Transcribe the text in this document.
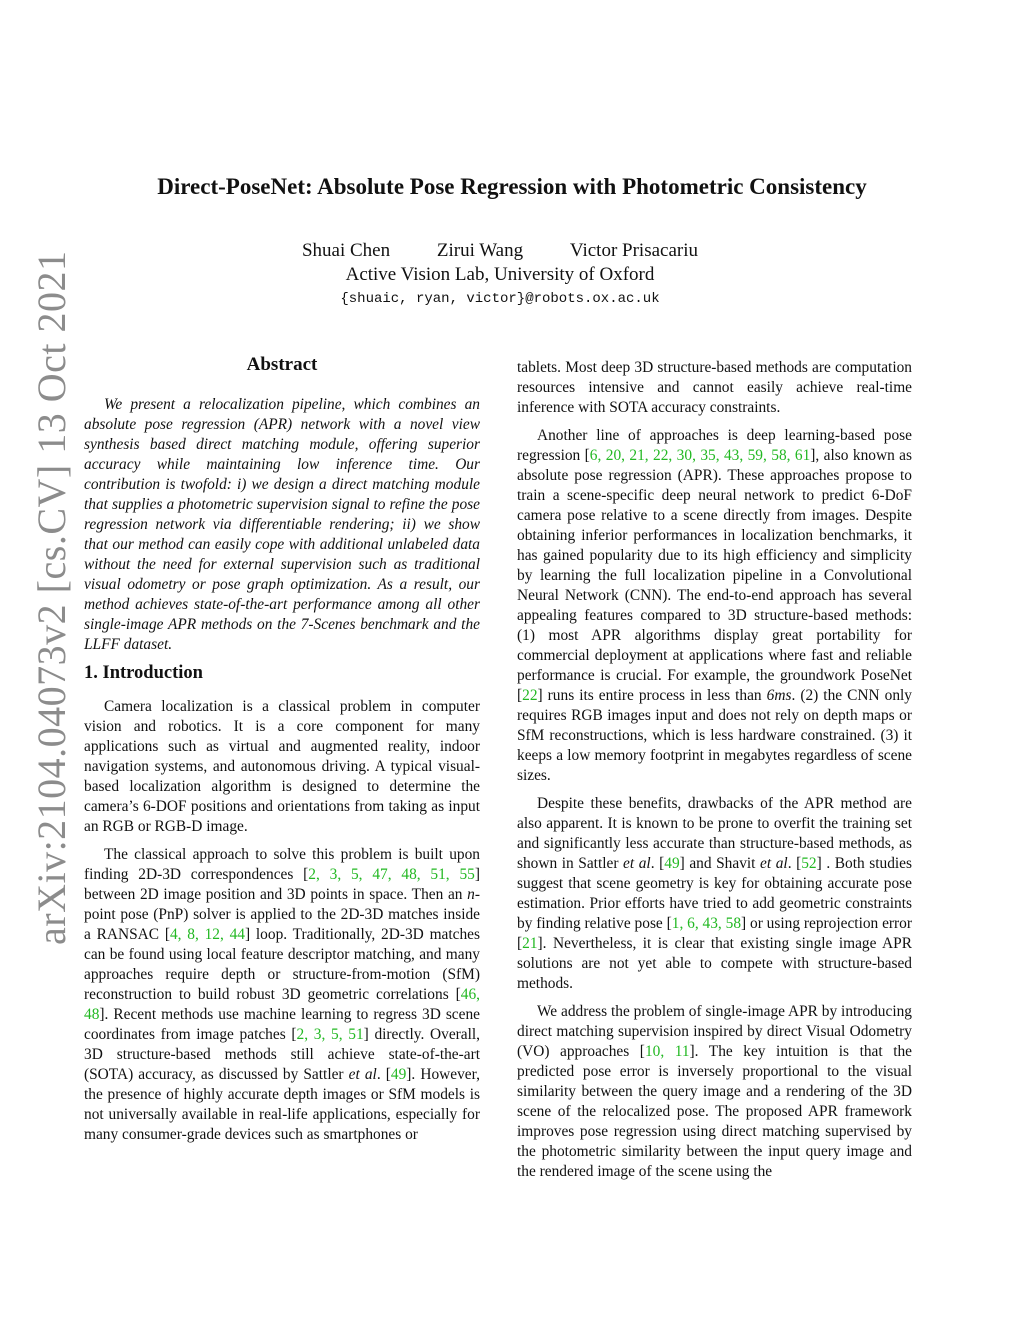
arXiv:2104.04073v2 [cs.CV] 13 Oct 2021
Direct-PoseNet: Absolute Pose Regression with Photometric Consistency
Shuai Chen Zirui Wang Victor Prisacariu
Active Vision Lab, University of Oxford
{shuaic, ryan, victor}@robots.ox.ac.uk
Abstract

We present a relocalization pipeline, which combines an absolute pose regression (APR) network with a novel view synthesis based direct matching module, offering superior accuracy while maintaining low inference time. Our contribution is twofold: i) we design a direct matching module that supplies a photometric supervision signal to refine the pose regression network via differentiable rendering; ii) we show that our method can easily cope with additional unlabeled data without the need for external supervision such as traditional visual odometry or pose graph optimization. As a result, our method achieves state-of-the-art performance among all other single-image APR methods on the 7-Scenes benchmark and the LLFF dataset.

1. Introduction

Camera localization is a classical problem in computer vision and robotics. It is a core component for many applications such as virtual and augmented reality, indoor navigation systems, and autonomous driving. A typical visual-based localization algorithm is designed to determine the camera’s 6-DOF positions and orientations from taking as input an RGB or RGB-D image.

The classical approach to solve this problem is built upon finding 2D-3D correspondences [2, 3, 5, 47, 48, 51, 55] between 2D image position and 3D points in space. Then an n-point pose (PnP) solver is applied to the 2D-3D matches inside a RANSAC [4, 8, 12, 44] loop. Traditionally, 2D-3D matches can be found using local feature descriptor matching, and many approaches require depth or structure-from-motion (SfM) reconstruction to build robust 3D geometric correlations [46, 48]. Recent methods use machine learning to regress 3D scene coordinates from image patches [2, 3, 5, 51] directly. Overall, 3D structure-based methods still achieve state-of-the-art (SOTA) accuracy, as discussed by Sattler et al. [49]. However, the presence of highly accurate depth images or SfM models is not universally available in real-life applications, especially for many consumer-grade devices such as smartphones or

tablets. Most deep 3D structure-based methods are computation resources intensive and cannot easily achieve real-time inference with SOTA accuracy constraints.

Another line of approaches is deep learning-based pose regression [6, 20, 21, 22, 30, 35, 43, 59, 58, 61], also known as absolute pose regression (APR). These approaches propose to train a scene-specific deep neural network to predict 6-DoF camera pose relative to a scene directly from images. Despite obtaining inferior performances in localization benchmarks, it has gained popularity due to its high efficiency and simplicity by learning the full localization pipeline in a Convolutional Neural Network (CNN). The end-to-end approach has several appealing features compared to 3D structure-based methods: (1) most APR algorithms display great portability for commercial deployment at applications where fast and reliable performance is crucial. For example, the groundwork PoseNet [22] runs its entire process in less than 6ms. (2) the CNN only requires RGB images input and does not rely on depth maps or SfM reconstructions, which is less hardware constrained. (3) it keeps a low memory footprint in megabytes regardless of scene sizes.

Despite these benefits, drawbacks of the APR method are also apparent. It is known to be prone to overfit the training set and significantly less accurate than structure-based methods, as shown in Sattler et al. [49] and Shavit et al. [52] . Both studies suggest that scene geometry is key for obtaining accurate pose estimation. Prior efforts have tried to add geometric constraints by finding relative pose [1, 6, 43, 58] or using reprojection error [21]. Nevertheless, it is clear that existing single image APR solutions are not yet able to compete with structure-based methods.

We address the problem of single-image APR by introducing direct matching supervision inspired by direct Visual Odometry (VO) approaches [10, 11]. The key intuition is that the predicted pose error is inversely proportional to the visual similarity between the query image and a rendering of the 3D scene of the relocalized pose. The proposed APR framework improves pose regression using direct matching supervised by the photometric similarity between the input query image and the rendered image of the scene using the
